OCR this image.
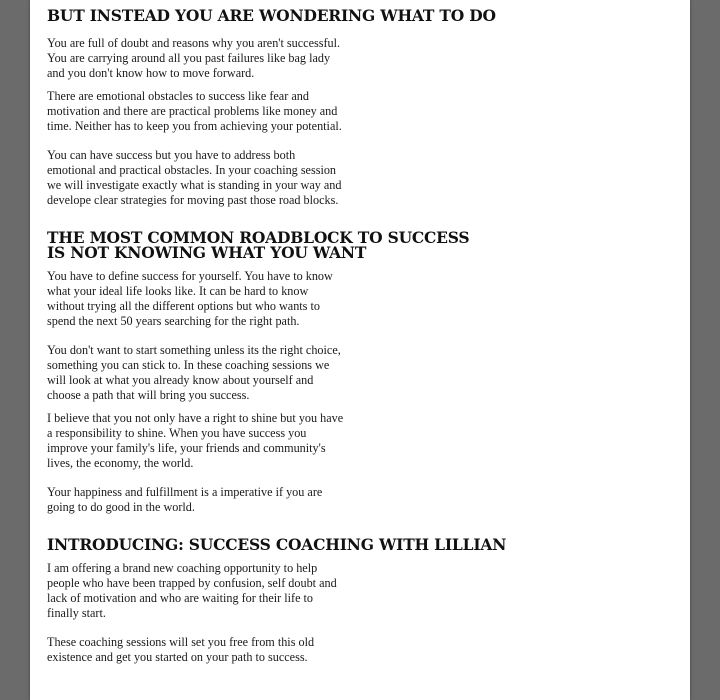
BUT INSTEAD YOU ARE WONDERING WHAT TO DO

You are full of doubt and reasons why you aren't successful.
You are carrying around all you past failures like bag lady
and you don't know how to move forward.

There are emotional obstacles to success like fear and
motivation and there are practical problems like money and
time. Neither has to keep you from achieving your potential.

You can have success but you have to address both
emotional and practical obstacles. In your coaching session
we will investigate exactly what is standing in your way and
develope clear strategies for moving past those road blocks.

THE MOST COMMON ROADBLOCK TO SUCCESS
IS NOT KNOWING WHAT YOU WANT

You have to define success for yourself. You have to know
what your ideal life looks like. It can be hard to know
without trying all the different options but who wants to
spend the next 50 years searching for the right path.

You don't want to start something unless its the right choice,
something you can stick to. In these coaching sessions we
will look at what you already know about yourself and
choose a path that will bring you success.

I believe that you not only have a right to shine but you have
a responsibility to shine. When you have success you
improve your family's life, your friends and community's
lives, the economy, the world.

Your happiness and fulfillment is a imperative if you are
going to do good in the world.

INTRODUCING: SUCCESS COACHING WITH LILLIAN

I am offering a brand new coaching opportunity to help
people who have been trapped by confusion, self doubt and
lack of motivation and who are waiting for their life to
finally start.

These coaching sessions will set you free from this old
existence and get you started on your path to success.
